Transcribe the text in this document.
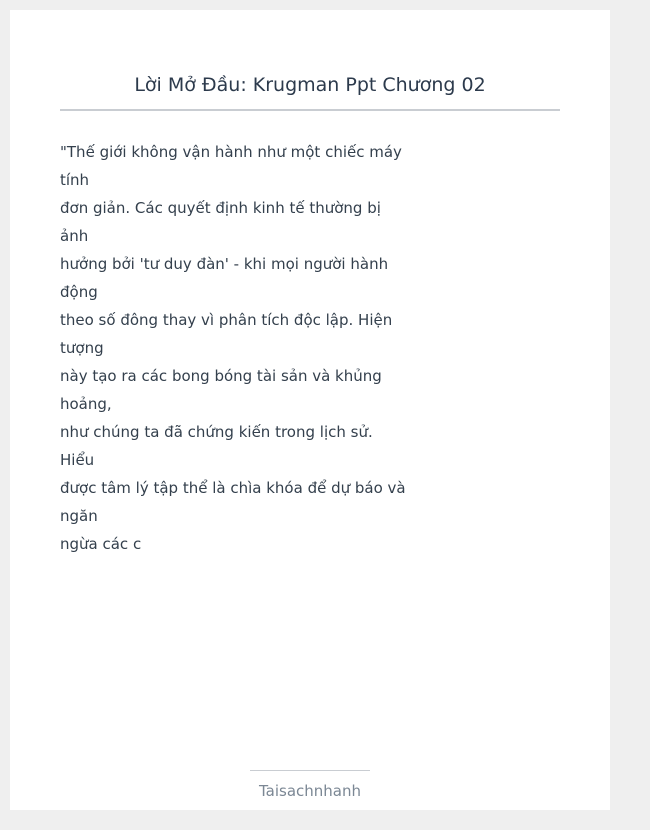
Lời Mở Đầu: Krugman Ppt Chương 02
"Thế giới không vận hành như một chiếc máy
tính
đơn giản. Các quyết định kinh tế thường bị
ảnh
hưởng bởi 'tư duy đàn' - khi mọi người hành
động
theo số đông thay vì phân tích độc lập. Hiện
tượng
này tạo ra các bong bóng tài sản và khủng
hoảng,
như chúng ta đã chứng kiến trong lịch sử.
Hiểu
được tâm lý tập thể là chìa khóa để dự báo và
ngăn
ngừa các c
Taisachnhanh
